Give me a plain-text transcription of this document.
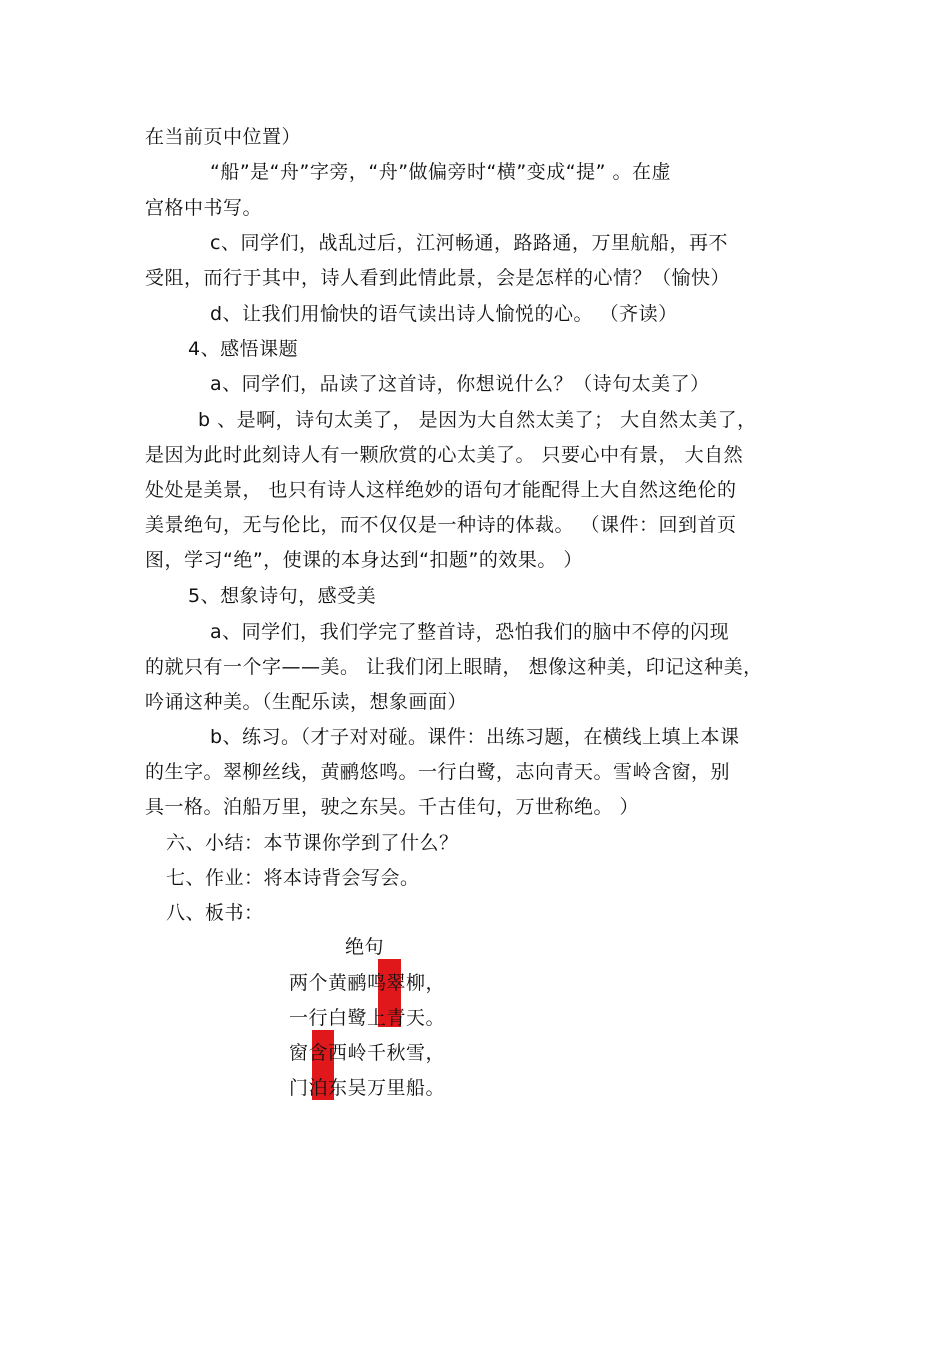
在当前页中位置）
“船”是“舟”字旁，“舟”做偏旁时“横”变成“提” 。在虚
宫格中书写。
c、同学们，战乱过后，江河畅通，路路通，万里航船，再不
受阻，而行于其中，诗人看到此情此景，会是怎样的心情？（愉快）
d、让我们用愉快的语气读出诗人愉悦的心。 （齐读）
4、感悟课题
a、同学们，品读了这首诗，你想说什么？（诗句太美了）
b 、是啊，诗句太美了， 是因为大自然太美了； 大自然太美了，
是因为此时此刻诗人有一颗欣赏的心太美了。 只要心中有景， 大自然
处处是美景， 也只有诗人这样绝妙的语句才能配得上大自然这绝伦的
美景绝句，无与伦比，而不仅仅是一种诗的体裁。 （课件：回到首页
图，学习“绝”，使课的本身达到“扣题”的效果。 ）
5、想象诗句，感受美
a、同学们，我们学完了整首诗，恐怕我们的脑中不停的闪现
的就只有一个字——美。 让我们闭上眼睛， 想像这种美，印记这种美，
吟诵这种美。（生配乐读，想象画面）
b、练习。（才子对对碰。课件：出练习题，在横线上填上本课
的生字。翠柳丝线，黄鹂悠鸣。一行白鹭，志向青天。雪岭含窗，别
具一格。泊船万里，驶之东吴。千古佳句，万世称绝。 ）
六、小结：本节课你学到了什么？
七、作业：将本诗背会写会。
八、板书：
绝句
两个黄鹂鸣翠柳，
一行白鹭上青天。
窗含西岭千秋雪，
门泊东吴万里船。
